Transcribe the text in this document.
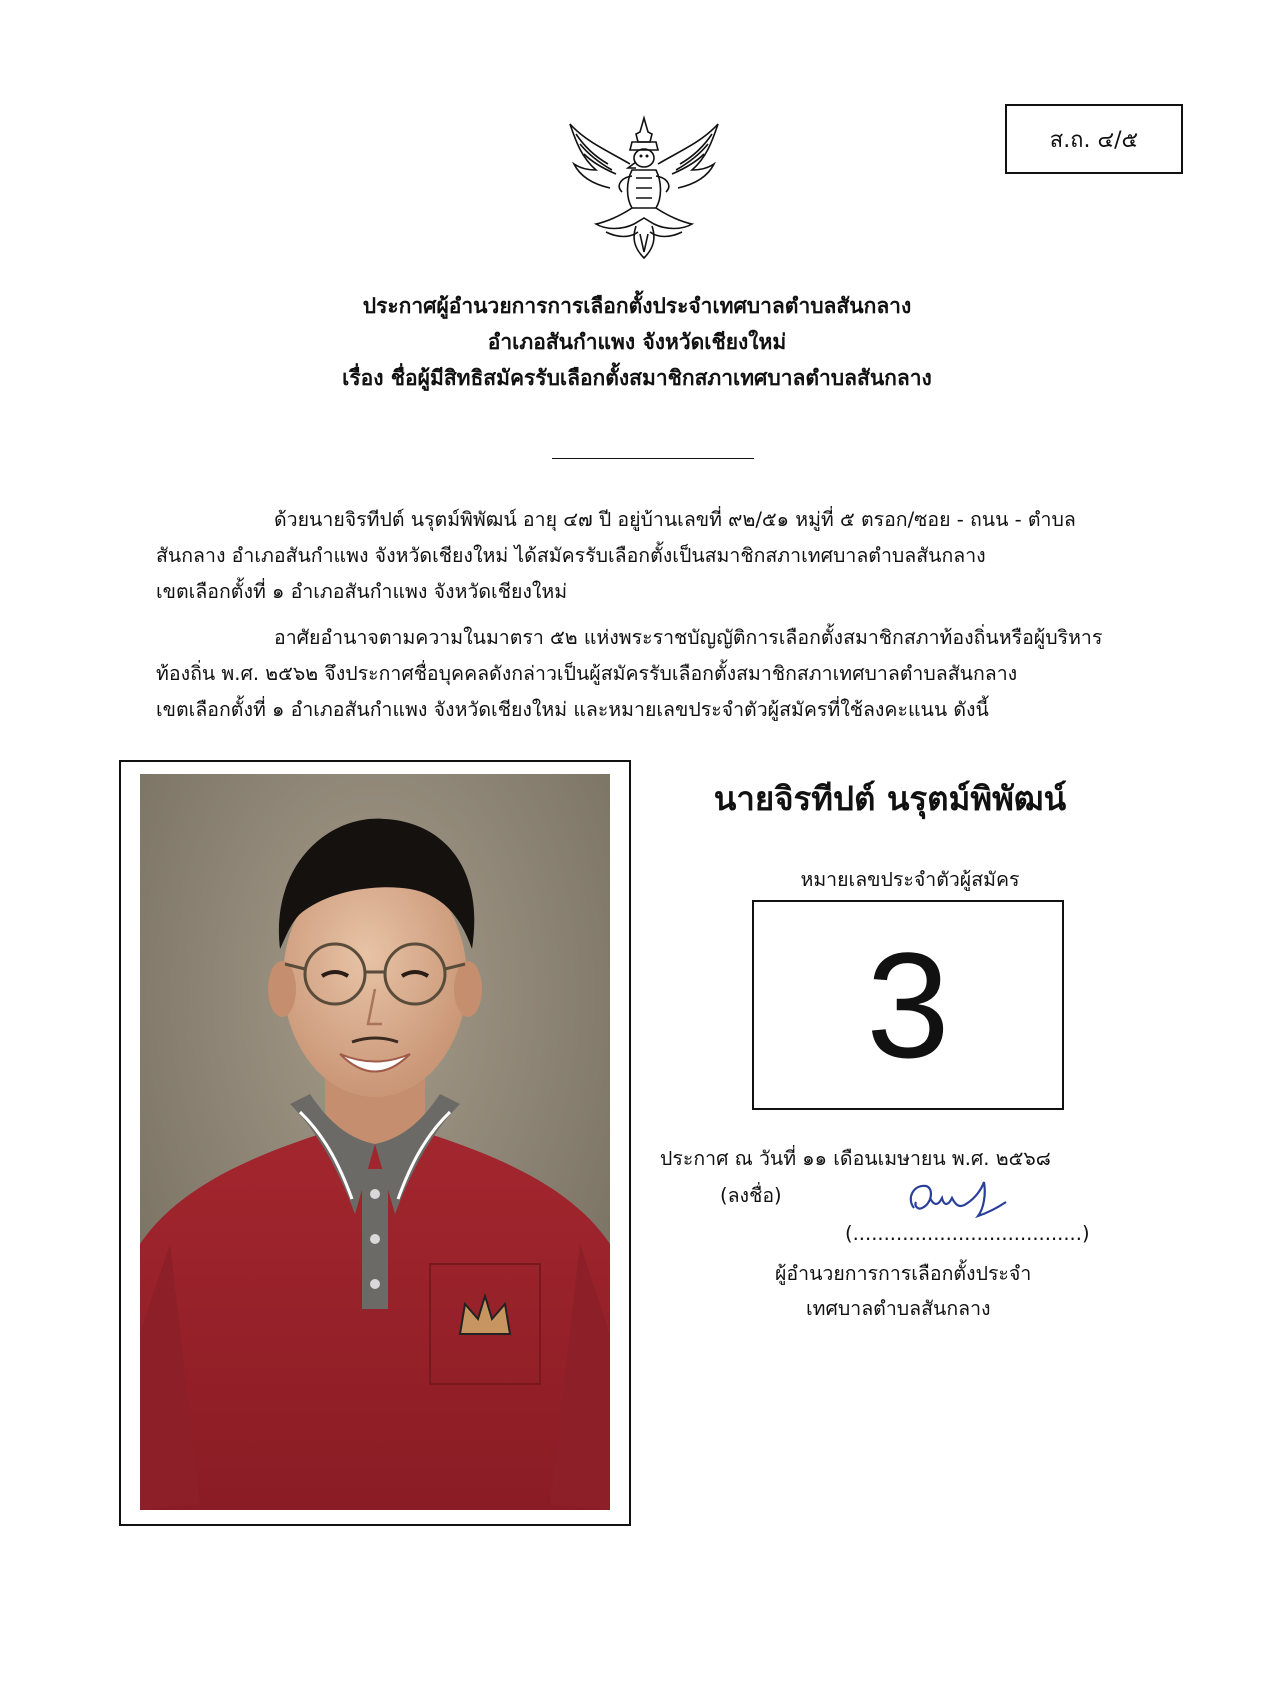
ส.ถ. ๔/๕
ประกาศผู้อำนวยการการเลือกตั้งประจำเทศบาลตำบลสันกลาง
อำเภอสันกำแพง จังหวัดเชียงใหม่
เรื่อง ชื่อผู้มีสิทธิสมัครรับเลือกตั้งสมาชิกสภาเทศบาลตำบลสันกลาง

ด้วยนายจิรทีปต์ นรุตม์พิพัฒน์ อายุ ๔๗ ปี อยู่บ้านเลขที่ ๙๒/๕๑ หมู่ที่ ๕ ตรอก/ซอย - ถนน - ตำบล

สันกลาง อำเภอสันกำแพง จังหวัดเชียงใหม่ ได้สมัครรับเลือกตั้งเป็นสมาชิกสภาเทศบาลตำบลสันกลาง

เขตเลือกตั้งที่ ๑ อำเภอสันกำแพง จังหวัดเชียงใหม่

อาศัยอำนาจตามความในมาตรา ๕๒ แห่งพระราชบัญญัติการเลือกตั้งสมาชิกสภาท้องถิ่นหรือผู้บริหาร

ท้องถิ่น พ.ศ. ๒๕๖๒ จึงประกาศชื่อบุคคลดังกล่าวเป็นผู้สมัครรับเลือกตั้งสมาชิกสภาเทศบาลตำบลสันกลาง

เขตเลือกตั้งที่ ๑ อำเภอสันกำแพง จังหวัดเชียงใหม่ และหมายเลขประจำตัวผู้สมัครที่ใช้ลงคะแนน ดังนี้

นายจิรทีปต์ นรุตม์พิพัฒน์
หมายเลขประจำตัวผู้สมัคร
3
ประกาศ ณ วันที่ ๑๑ เดือนเมษายน พ.ศ. ๒๕๖๘
(ลงชื่อ)
(.....................................)
ผู้อำนวยการการเลือกตั้งประจำ
เทศบาลตำบลสันกลาง
